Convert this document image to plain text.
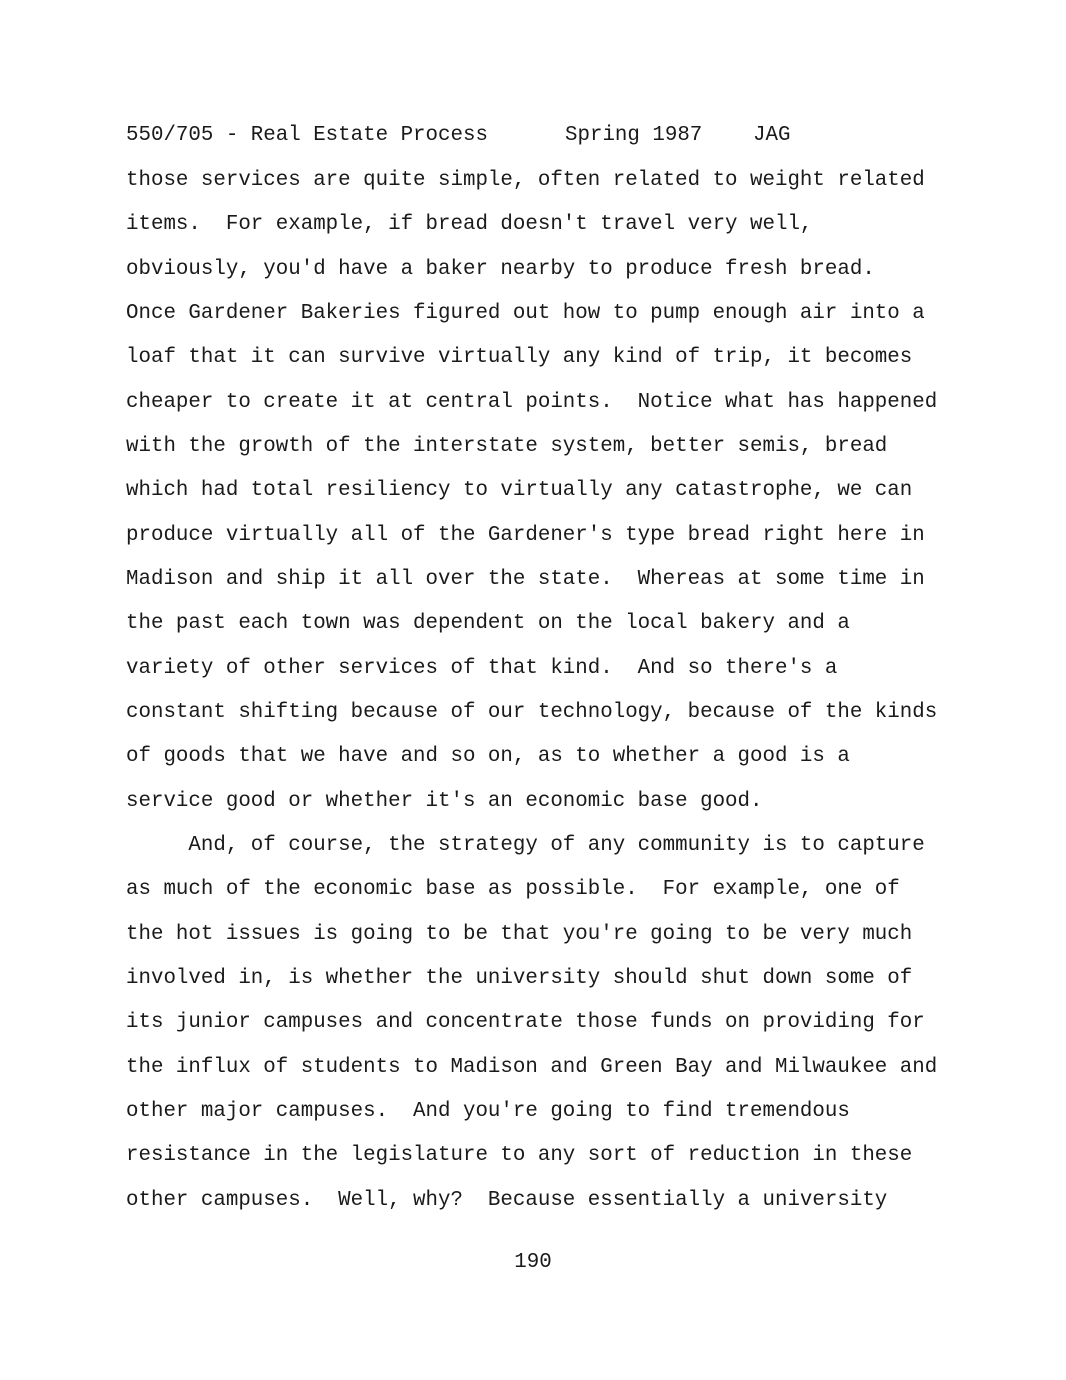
550/705 - Real Estate Process

	Spring 1987

JAG

those services are quite simple, often related to weight related
items.  For example, if bread doesn't travel very well,
obviously, you'd have a baker nearby to produce fresh bread.
Once Gardener Bakeries figured out how to pump enough air into a
loaf that it can survive virtually any kind of trip, it becomes
cheaper to create it at central points.  Notice what has happened
with the growth of the interstate system, better semis, bread
which had total resiliency to virtually any catastrophe, we can
produce virtually all of the Gardener's type bread right here in
Madison and ship it all over the state.  Whereas at some time in
the past each town was dependent on the local bakery and a
variety of other services of that kind.  And so there's a
constant shifting because of our technology, because of the kinds
of goods that we have and so on, as to whether a good is a
service good or whether it's an economic base good.
And, of course, the strategy of any community is to capture
as much of the economic base as possible.  For example, one of
the hot issues is going to be that you're going to be very much
involved in, is whether the university should shut down some of
its junior campuses and concentrate those funds on providing for
the influx of students to Madison and Green Bay and Milwaukee and
other major campuses.  And you're going to find tremendous
resistance in the legislature to any sort of reduction in these
other campuses.  Well, why?  Because essentially a university
190
